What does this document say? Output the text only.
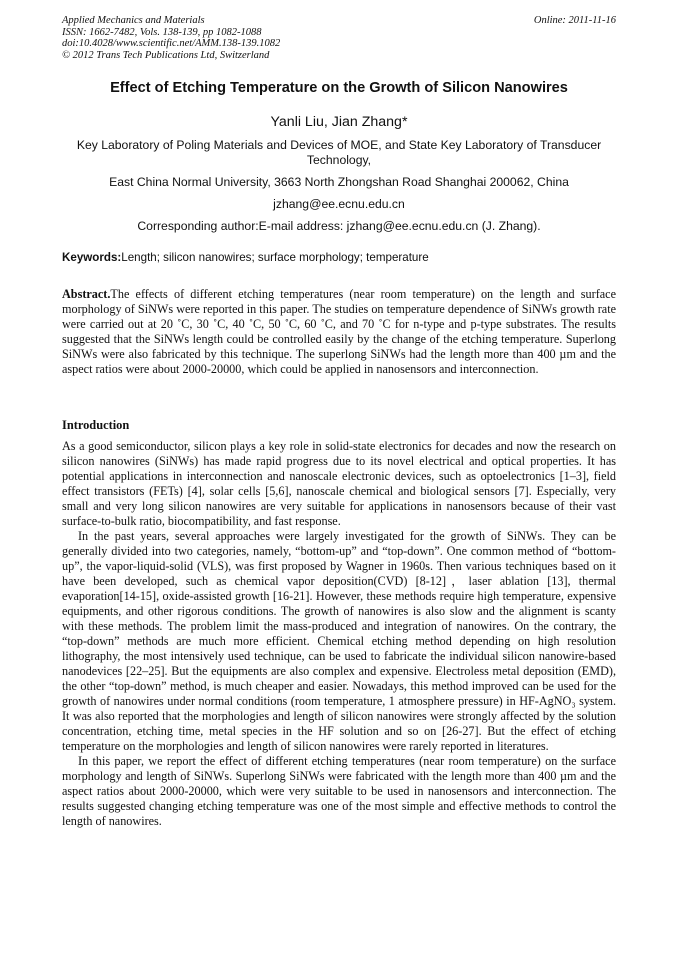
Applied Mechanics and Materials
ISSN: 1662-7482, Vols. 138-139, pp 1082-1088
doi:10.4028/www.scientific.net/AMM.138-139.1082
© 2012 Trans Tech Publications Ltd, Switzerland
Online: 2011-11-16
Effect of Etching Temperature on the Growth of Silicon Nanowires
Yanli Liu, Jian Zhang*
Key Laboratory of Poling Materials and Devices of MOE, and State Key Laboratory of Transducer Technology,
East China Normal University, 3663 North Zhongshan Road Shanghai 200062, China
jzhang@ee.ecnu.edu.cn
Corresponding author:E-mail address: jzhang@ee.ecnu.edu.cn (J. Zhang).
Keywords:Length; silicon nanowires; surface morphology; temperature
Abstract.The effects of different etching temperatures (near room temperature) on the length and surface morphology of SiNWs were reported in this paper. The studies on temperature dependence of SiNWs growth rate were carried out at 20 ˚C, 30 ˚C, 40 ˚C, 50 ˚C, 60 ˚C, and 70 ˚C for n-type and p-type substrates. The results suggested that the SiNWs length could be controlled easily by the change of the etching temperature. Superlong SiNWs were also fabricated by this technique. The superlong SiNWs had the length more than 400 µm and the aspect ratios were about 2000-20000, which could be applied in nanosensors and interconnection.
Introduction

As a good semiconductor, silicon plays a key role in solid-state electronics for decades and now the research on silicon nanowires (SiNWs) has made rapid progress due to its novel electrical and optical properties. It has potential applications in interconnection and nanoscale electronic devices, such as optoelectronics [1–3], field effect transistors (FETs) [4], solar cells [5,6], nanoscale chemical and biological sensors [7]. Especially, very small and very long silicon nanowires are very suitable for applications in nanosensors because of their vast surface-to-bulk ratio, biocompatibility, and fast response.

In the past years, several approaches were largely investigated for the growth of SiNWs. They can be generally divided into two categories, namely, “bottom-up” and “top-down”. One common method of “bottom-up”, the vapor-liquid-solid (VLS), was first proposed by Wagner in 1960s. Then various techniques based on it have been developed, such as chemical vapor deposition(CVD) [8-12]，laser ablation [13], thermal evaporation[14-15], oxide-assisted growth [16-21]. However, these methods require high temperature, expensive equipments, and other rigorous conditions. The growth of nanowires is also slow and the alignment is scanty with these methods. The problem limit the mass-produced and integration of nanowires. On the contrary, the “top-down” methods are much more efficient. Chemical etching method depending on high resolution lithography, the most intensively used technique, can be used to fabricate the individual silicon nanowire-based nanodevices [22–25]. But the equipments are also complex and expensive. Electroless metal deposition (EMD), the other “top-down” method, is much cheaper and easier. Nowadays, this method improved can be used for the growth of nanowires under normal conditions (room temperature, 1 atmosphere pressure) in HF-AgNO₃ system. It was also reported that the morphologies and length of silicon nanowires were strongly affected by the solution concentration, etching time, metal species in the HF solution and so on [26-27]. But the effect of etching temperature on the morphologies and length of silicon nanowires were rarely reported in literatures.

In this paper, we report the effect of different etching temperatures (near room temperature) on the surface morphology and length of SiNWs. Superlong SiNWs were fabricated with the length more than 400 µm and the aspect ratios about 2000-20000, which were very suitable to be used in nanosensors and interconnection. The results suggested changing etching temperature was one of the most simple and effective methods to control the length of nanowires.
